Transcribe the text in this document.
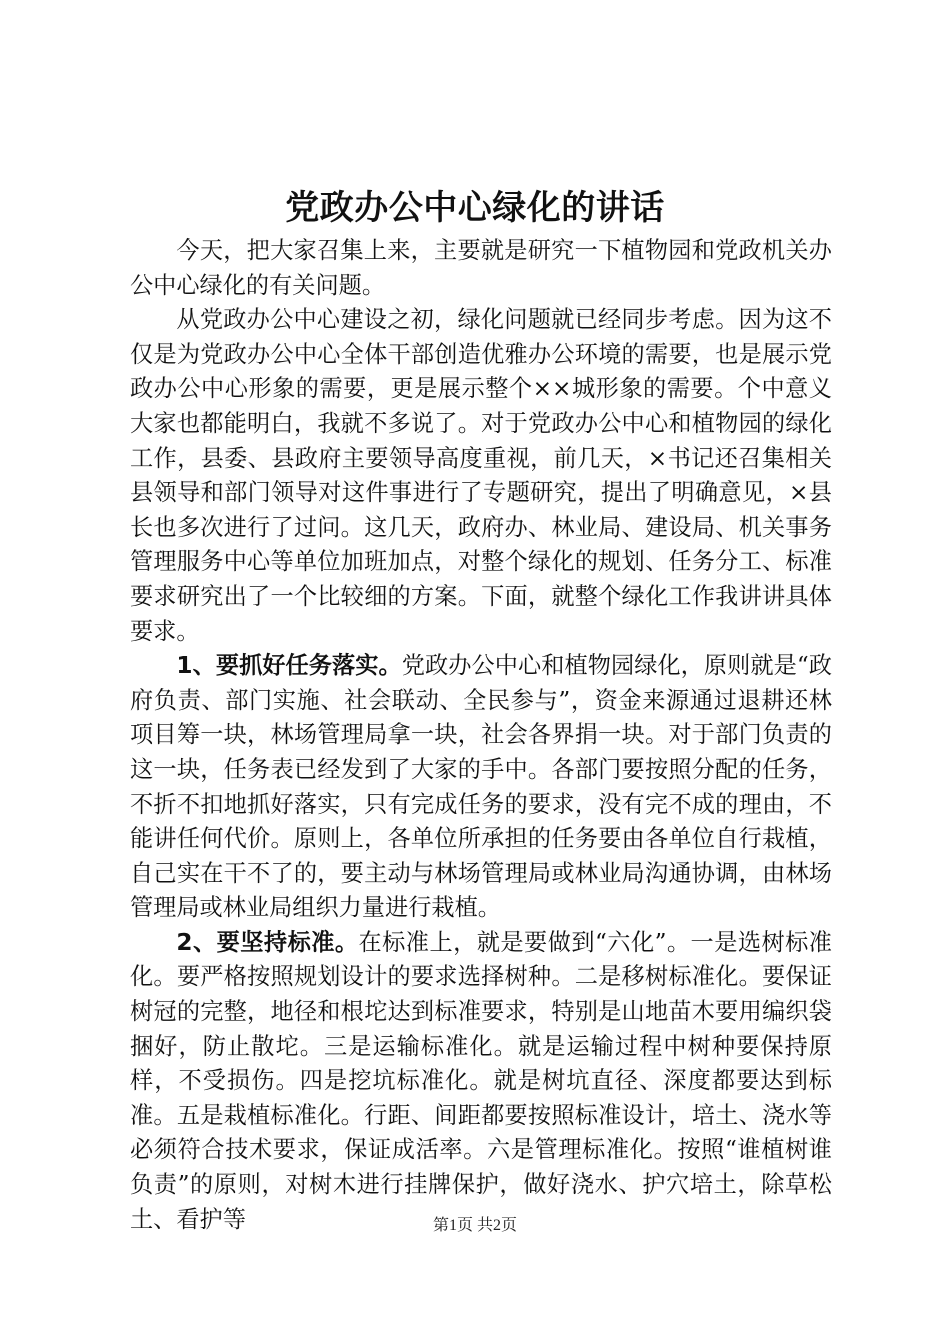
党政办公中心绿化的讲话

今天，把大家召集上来，主要就是研究一下植物园和党政机关办公中心绿化的有关问题。

从党政办公中心建设之初，绿化问题就已经同步考虑。因为这不仅是为党政办公中心全体干部创造优雅办公环境的需要，也是展示党政办公中心形象的需要，更是展示整个××城形象的需要。个中意义大家也都能明白，我就不多说了。对于党政办公中心和植物园的绿化工作，县委、县政府主要领导高度重视，前几天，×书记还召集相关县领导和部门领导对这件事进行了专题研究，提出了明确意见，×县长也多次进行了过问。这几天，政府办、林业局、建设局、机关事务管理服务中心等单位加班加点，对整个绿化的规划、任务分工、标准要求研究出了一个比较细的方案。下面，就整个绿化工作我讲讲具体要求。

1、要抓好任务落实。党政办公中心和植物园绿化，原则就是“政府负责、部门实施、社会联动、全民参与”，资金来源通过退耕还林项目筹一块，林场管理局拿一块，社会各界捐一块。对于部门负责的这一块，任务表已经发到了大家的手中。各部门要按照分配的任务，不折不扣地抓好落实，只有完成任务的要求，没有完不成的理由，不能讲任何代价。原则上，各单位所承担的任务要由各单位自行栽植，自己实在干不了的，要主动与林场管理局或林业局沟通协调，由林场管理局或林业局组织力量进行栽植。

2、要坚持标准。在标准上，就是要做到“六化”。一是选树标准化。要严格按照规划设计的要求选择树种。二是移树标准化。要保证树冠的完整，地径和根坨达到标准要求，特别是山地苗木要用编织袋捆好，防止散坨。三是运输标准化。就是运输过程中树种要保持原样，不受损伤。四是挖坑标准化。就是树坑直径、深度都要达到标准。五是栽植标准化。行距、间距都要按照标准设计，培土、浇水等必须符合技术要求，保证成活率。六是管理标准化。按照“谁植树谁负责”的原则，对树木进行挂牌保护，做好浇水、护穴培土，除草松土、看护等	第1页 共2页
